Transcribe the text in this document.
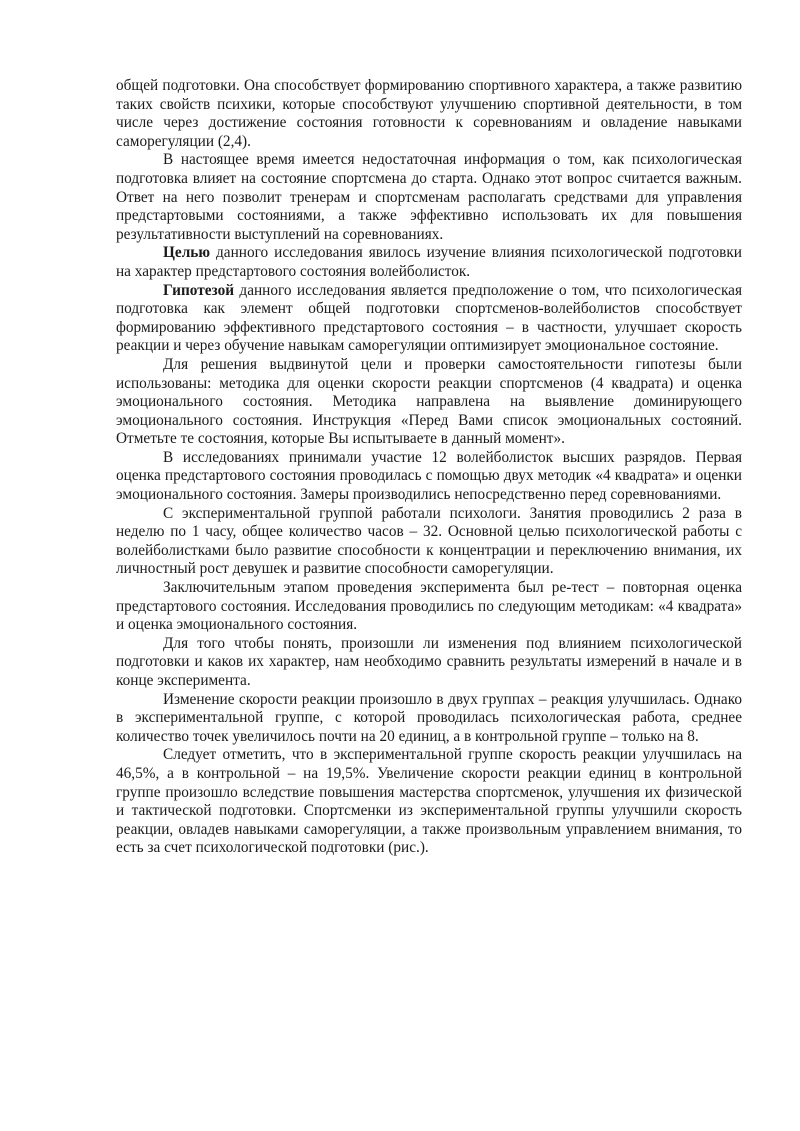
общей подготовки. Она способствует формированию спортивного характера, а также развитию таких свойств психики, которые способствуют улучшению спортивной деятельности, в том числе через достижение состояния готовности к соревнованиям и овладение навыками саморегуляции (2,4).

В настоящее время имеется недостаточная информация о том, как психологическая подготовка влияет на состояние спортсмена до старта. Однако этот вопрос считается важным. Ответ на него позволит тренерам и спортсменам располагать средствами для управления предстартовыми состояниями, а также эффективно использовать их для повышения результативности выступлений на соревнованиях.

Целью данного исследования явилось изучение влияния психологической подготовки на характер предстартового состояния волейболисток.

Гипотезой данного исследования является предположение о том, что психологическая подготовка как элемент общей подготовки спортсменов-волейболистов способствует формированию эффективного предстартового состояния – в частности, улучшает скорость реакции и через обучение навыкам саморегуляции оптимизирует эмоциональное состояние.

Для решения выдвинутой цели и проверки самостоятельности гипотезы были использованы: методика для оценки скорости реакции спортсменов (4 квадрата) и оценка эмоционального состояния. Методика направлена на выявление доминирующего эмоционального состояния. Инструкция «Перед Вами список эмоциональных состояний. Отметьте те состояния, которые Вы испытываете в данный момент».

В исследованиях принимали участие 12 волейболисток высших разрядов. Первая оценка предстартового состояния проводилась с помощью двух методик «4 квадрата» и оценки эмоционального состояния. Замеры производились непосредственно перед соревнованиями.

С экспериментальной группой работали психологи. Занятия проводились 2 раза в неделю по 1 часу, общее количество часов – 32. Основной целью психологической работы с волейболистками было развитие способности к концентрации и переключению внимания, их личностный рост девушек и развитие способности саморегуляции.

Заключительным этапом проведения эксперимента был ре-тест – повторная оценка предстартового состояния. Исследования проводились по следующим методикам: «4 квадрата» и оценка эмоционального состояния.

Для того чтобы понять, произошли ли изменения под влиянием психологической подготовки и каков их характер, нам необходимо сравнить результаты измерений в начале и в конце эксперимента.

Изменение скорости реакции произошло в двух группах – реакция улучшилась. Однако в экспериментальной группе, с которой проводилась психологическая работа, среднее количество точек увеличилось почти на 20 единиц, а в контрольной группе – только на 8.

Следует отметить, что в экспериментальной группе скорость реакции улучшилась на 46,5%, а в контрольной – на 19,5%. Увеличение скорости реакции единиц в контрольной группе произошло вследствие повышения мастерства спортсменок, улучшения их физической и тактической подготовки. Спортсменки из экспериментальной группы улучшили скорость реакции, овладев навыками саморегуляции, а также произвольным управлением внимания, то есть за счет психологической подготовки (рис.).
